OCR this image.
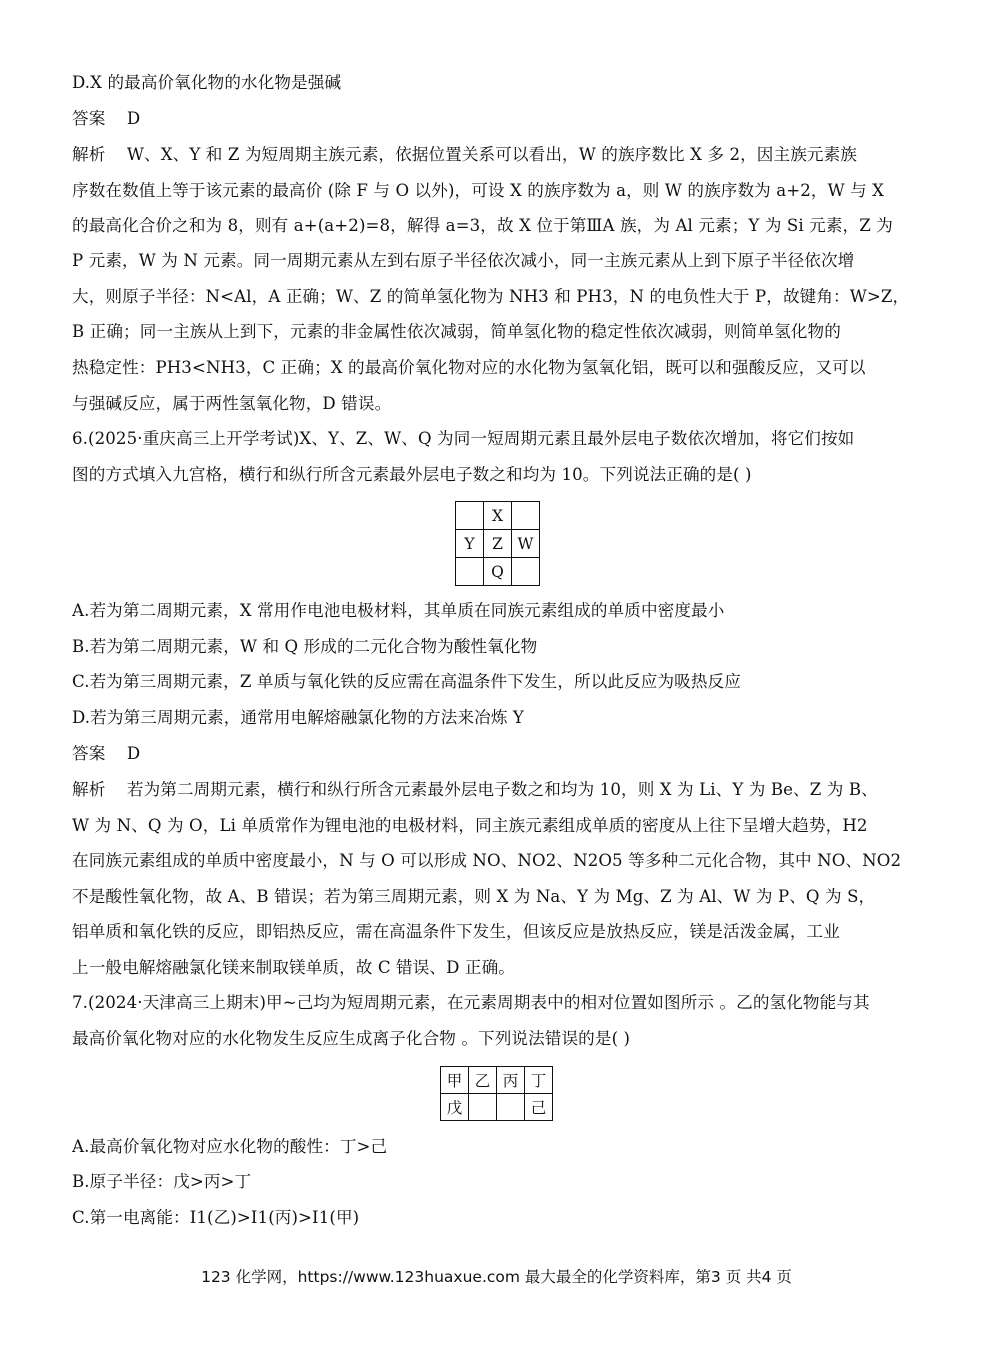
D.X 的最高价氧化物的水化物是强碱
答案 D
解析 W、X、Y 和 Z 为短周期主族元素，依据位置关系可以看出，W 的族序数比 X 多 2，因主族元素族
序数在数值上等于该元素的最高价 (除 F 与 O 以外)，可设 X 的族序数为 a，则 W 的族序数为 a+2，W 与 X
的最高化合价之和为 8，则有 a+(a+2)=8，解得 a=3，故 X 位于第ⅢA 族，为 Al 元素；Y 为 Si 元素，Z 为
P 元素，W 为 N 元素。同一周期元素从左到右原子半径依次减小，同一主族元素从上到下原子半径依次增
大，则原子半径：N<Al，A 正确；W、Z 的简单氢化物为 NH3 和 PH3，N 的电负性大于 P，故键角：W>Z，
B 正确；同一主族从上到下，元素的非金属性依次减弱，简单氢化物的稳定性依次减弱，则简单氢化物的
热稳定性：PH3<NH3，C 正确；X 的最高价氧化物对应的水化物为氢氧化铝，既可以和强酸反应，又可以
与强碱反应，属于两性氢氧化物，D 错误。
6.(2025·重庆高三上开学考试)X、Y、Z、W、Q 为同一短周期元素且最外层电子数依次增加，将它们按如
图的方式填入九宫格，横行和纵行所含元素最外层电子数之和均为 10。下列说法正确的是( )
	X	
Y	Z	W
	Q	
A.若为第二周期元素，X 常用作电池电极材料，其单质在同族元素组成的单质中密度最小
B.若为第二周期元素，W 和 Q 形成的二元化合物为酸性氧化物
C.若为第三周期元素，Z 单质与氧化铁的反应需在高温条件下发生，所以此反应为吸热反应
D.若为第三周期元素，通常用电解熔融氯化物的方法来冶炼 Y
答案 D
解析 若为第二周期元素，横行和纵行所含元素最外层电子数之和均为 10，则 X 为 Li、Y 为 Be、Z 为 B、
W 为 N、Q 为 O，Li 单质常作为锂电池的电极材料，同主族元素组成单质的密度从上往下呈增大趋势，H2
在同族元素组成的单质中密度最小，N 与 O 可以形成 NO、NO2、N2O5 等多种二元化合物，其中 NO、NO2
不是酸性氧化物，故 A、B 错误；若为第三周期元素，则 X 为 Na、Y 为 Mg、Z 为 Al、W 为 P、Q 为 S，
铝单质和氧化铁的反应，即铝热反应，需在高温条件下发生，但该反应是放热反应，镁是活泼金属，工业
上一般电解熔融氯化镁来制取镁单质，故 C 错误、D 正确。
7.(2024·天津高三上期末)甲~己均为短周期元素，在元素周期表中的相对位置如图所示 。乙的氢化物能与其
最高价氧化物对应的水化物发生反应生成离子化合物 。下列说法错误的是( )
甲	乙	丙	丁
戊			己
A.最高价氧化物对应水化物的酸性：丁>己
B.原子半径：戊>丙>丁
C.第一电离能：I1(乙)>I1(丙)>I1(甲)
123 化学网，https://www.123huaxue.com 最大最全的化学资料库，第3 页 共4 页
